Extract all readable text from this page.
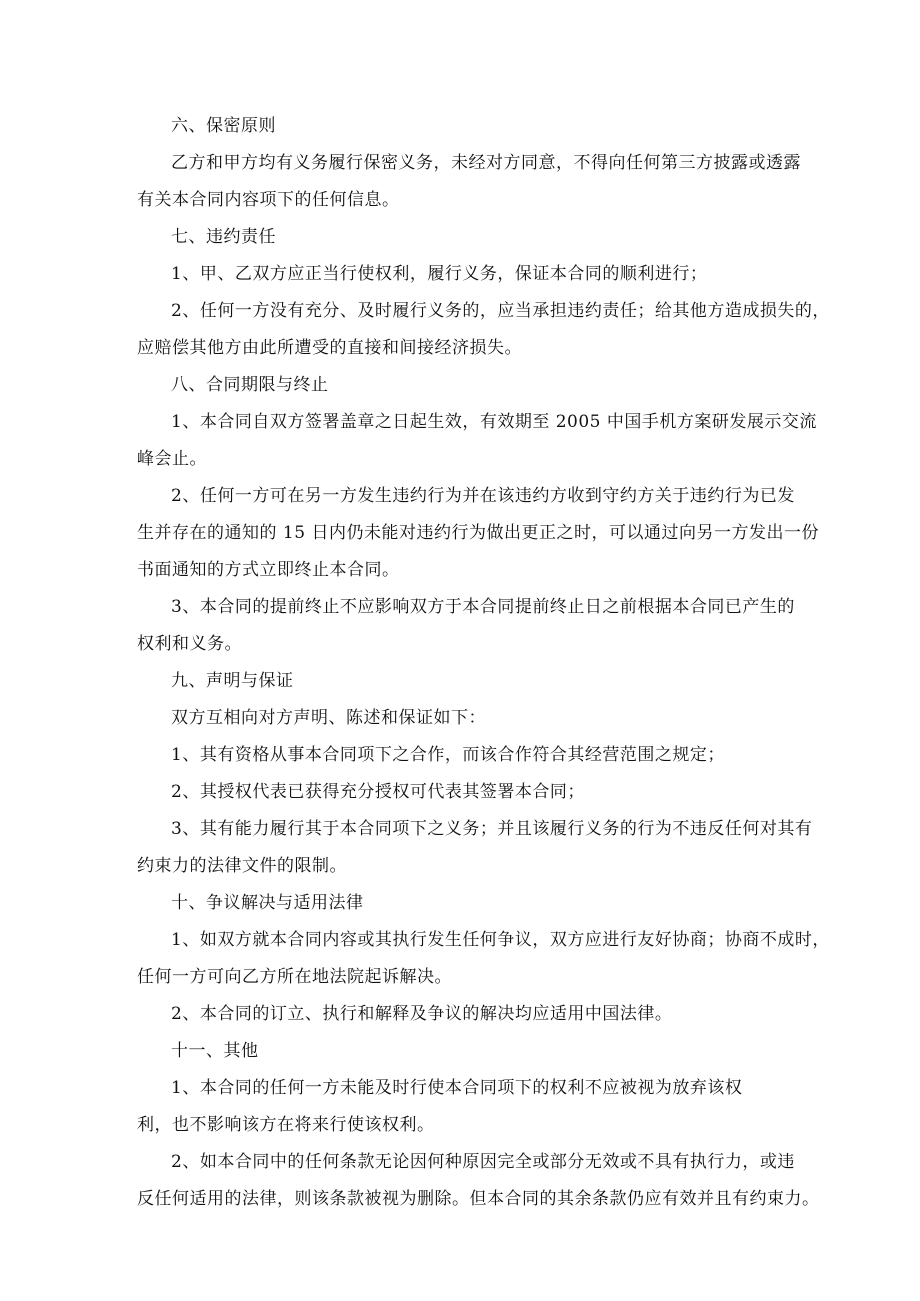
六、保密原则

乙方和甲方均有义务履行保密义务，未经对方同意，不得向任何第三方披露或透露
有关本合同内容项下的任何信息。

七、违约责任

1、甲、乙双方应正当行使权利，履行义务，保证本合同的顺利进行；

2、任何一方没有充分、及时履行义务的，应当承担违约责任；给其他方造成损失的，
应赔偿其他方由此所遭受的直接和间接经济损失。

八、合同期限与终止

1、本合同自双方签署盖章之日起生效，有效期至 2005 中国手机方案研发展示交流
峰会止。

2、任何一方可在另一方发生违约行为并在该违约方收到守约方关于违约行为已发
生并存在的通知的 15 日内仍未能对违约行为做出更正之时，可以通过向另一方发出一份
书面通知的方式立即终止本合同。

3、本合同的提前终止不应影响双方于本合同提前终止日之前根据本合同已产生的
权利和义务。

九、声明与保证

双方互相向对方声明、陈述和保证如下：

1、其有资格从事本合同项下之合作，而该合作符合其经营范围之规定；

2、其授权代表已获得充分授权可代表其签署本合同；

3、其有能力履行其于本合同项下之义务；并且该履行义务的行为不违反任何对其有
约束力的法律文件的限制。

十、争议解决与适用法律

1、如双方就本合同内容或其执行发生任何争议，双方应进行友好协商；协商不成时，
任何一方可向乙方所在地法院起诉解决。

2、本合同的订立、执行和解释及争议的解决均应适用中国法律。

十一、其他

1、本合同的任何一方未能及时行使本合同项下的权利不应被视为放弃该权
利，也不影响该方在将来行使该权利。

2、如本合同中的任何条款无论因何种原因完全或部分无效或不具有执行力，或违
反任何适用的法律，则该条款被视为删除。但本合同的其余条款仍应有效并且有约束力。
